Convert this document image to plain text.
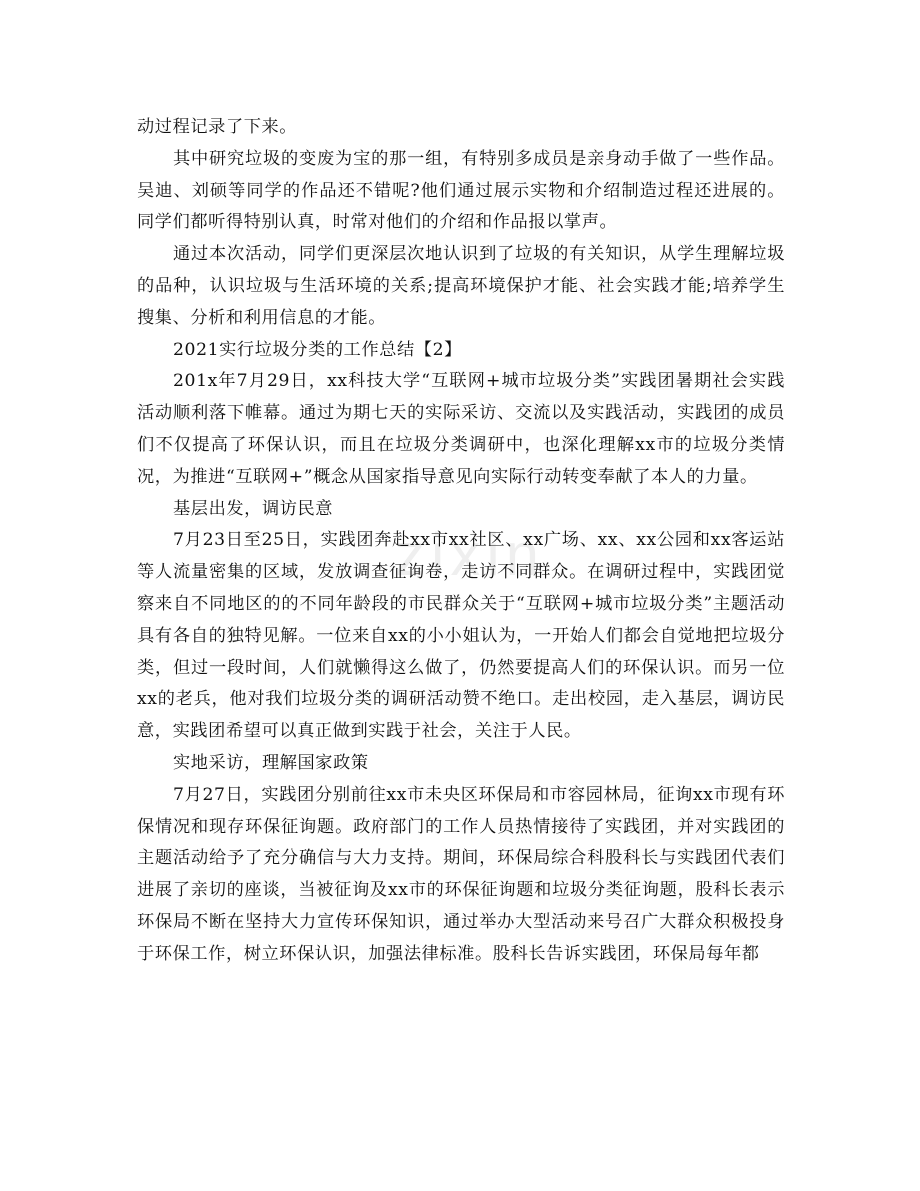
zixin

动过程记录了下来。

其中研究垃圾的变废为宝的那一组，有特别多成员是亲身动手做了一些作品。吴迪、刘硕等同学的作品还不错呢?他们通过展示实物和介绍制造过程还进展的。同学们都听得特别认真，时常对他们的介绍和作品报以掌声。

通过本次活动，同学们更深层次地认识到了垃圾的有关知识，从学生理解垃圾的品种，认识垃圾与生活环境的关系;提高环境保护才能、社会实践才能;培养学生搜集、分析和利用信息的才能。

2021实行垃圾分类的工作总结【2】

201x年7月29日，xx科技大学“互联网+城市垃圾分类”实践团暑期社会实践活动顺利落下帷幕。通过为期七天的实际采访、交流以及实践活动，实践团的成员们不仅提高了环保认识，而且在垃圾分类调研中，也深化理解xx市的垃圾分类情况，为推进“互联网+”概念从国家指导意见向实际行动转变奉献了本人的力量。

基层出发，调访民意

7月23日至25日，实践团奔赴xx市xx社区、xx广场、xx、xx公园和xx客运站等人流量密集的区域，发放调查征询卷，走访不同群众。在调研过程中，实践团觉察来自不同地区的的不同年龄段的市民群众关于“互联网+城市垃圾分类”主题活动具有各自的独特见解。一位来自xx的小小姐认为，一开始人们都会自觉地把垃圾分类，但过一段时间，人们就懒得这么做了，仍然要提高人们的环保认识。而另一位xx的老兵，他对我们垃圾分类的调研活动赞不绝口。走出校园，走入基层，调访民意，实践团希望可以真正做到实践于社会，关注于人民。

实地采访，理解国家政策

7月27日，实践团分别前往xx市未央区环保局和市容园林局，征询xx市现有环保情况和现存环保征询题。政府部门的工作人员热情接待了实践团，并对实践团的主题活动给予了充分确信与大力支持。期间，环保局综合科股科长与实践团代表们进展了亲切的座谈，当被征询及xx市的环保征询题和垃圾分类征询题，股科长表示环保局不断在坚持大力宣传环保知识，通过举办大型活动来号召广大群众积极投身于环保工作，树立环保认识，加强法律标准。股科长告诉实践团，环保局每年都
